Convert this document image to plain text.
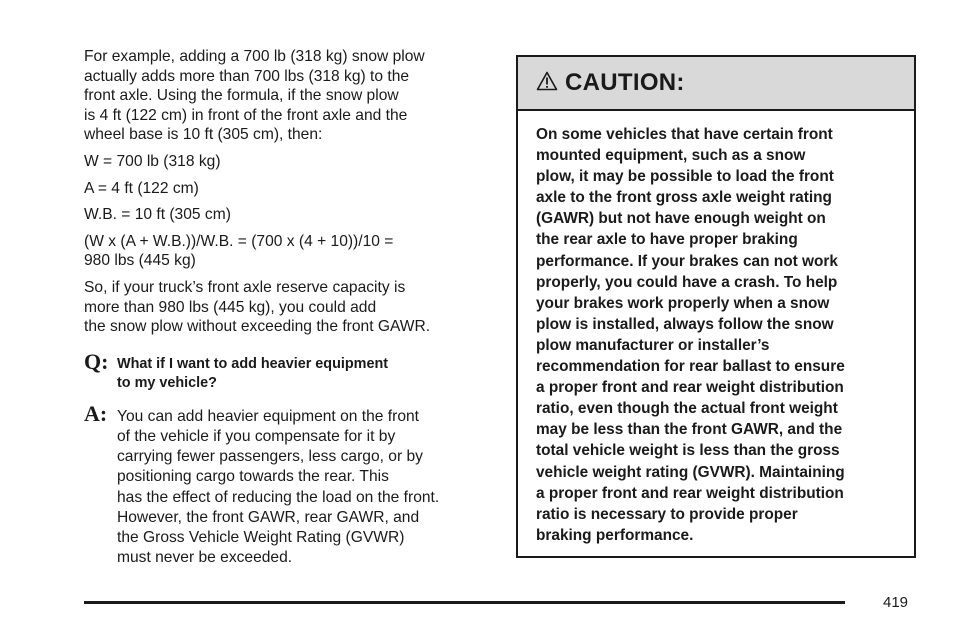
For example, adding a 700 lb (318 kg) snow plow
actually adds more than 700 lbs (318 kg) to the
front axle. Using the formula, if the snow plow
is 4 ft (122 cm) in front of the front axle and the
wheel base is 10 ft (305 cm), then:
W = 700 lb (318 kg)
A = 4 ft (122 cm)
W.B. = 10 ft (305 cm)
(W x (A + W.B.))/W.B. = (700 x (4 + 10))/10 =
980 lbs (445 kg)
So, if your truck’s front axle reserve capacity is
more than 980 lbs (445 kg), you could add
the snow plow without exceeding the front GAWR.
Q: What if I want to add heavier equipment
to my vehicle?
A: You can add heavier equipment on the front
of the vehicle if you compensate for it by
carrying fewer passengers, less cargo, or by
positioning cargo towards the rear. This
has the effect of reducing the load on the front.
However, the front GAWR, rear GAWR, and
the Gross Vehicle Weight Rating (GVWR)
must never be exceeded.
CAUTION:
On some vehicles that have certain front
mounted equipment, such as a snow
plow, it may be possible to load the front
axle to the front gross axle weight rating
(GAWR) but not have enough weight on
the rear axle to have proper braking
performance. If your brakes can not work
properly, you could have a crash. To help
your brakes work properly when a snow
plow is installed, always follow the snow
plow manufacturer or installer’s
recommendation for rear ballast to ensure
a proper front and rear weight distribution
ratio, even though the actual front weight
may be less than the front GAWR, and the
total vehicle weight is less than the gross
vehicle weight rating (GVWR). Maintaining
a proper front and rear weight distribution
ratio is necessary to provide proper
braking performance.
419
